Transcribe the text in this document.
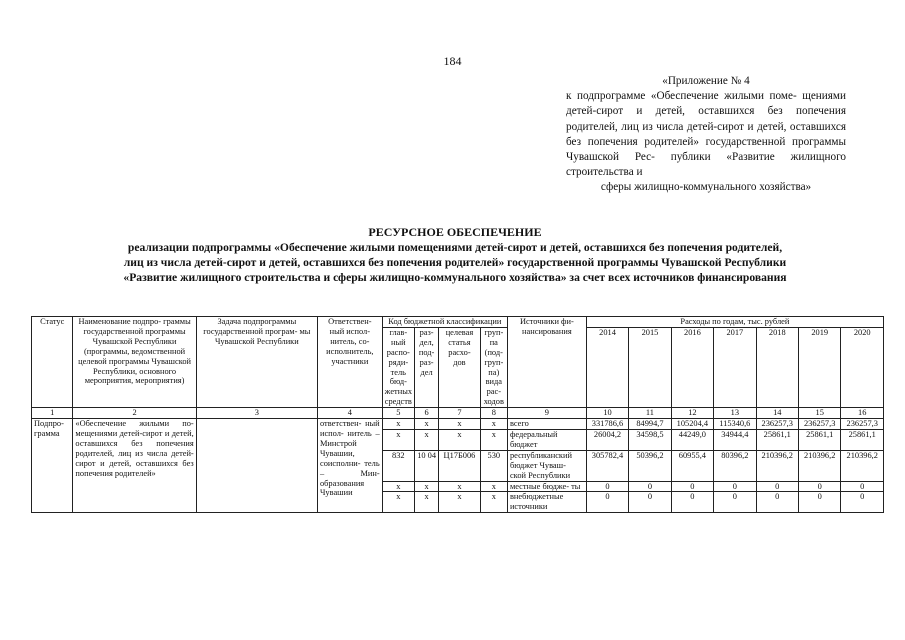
184
«Приложение № 4
к подпрограмме «Обеспечение жилыми поме- щениями детей-сирот и детей, оставшихся без попечения родителей, лиц из числа детей-сирот и детей, оставшихся без попечения родителей» государственной программы Чувашской Рес- публики «Развитие жилищного строительства и
сферы жилищно-коммунального хозяйства»
РЕСУРСНОЕ ОБЕСПЕЧЕНИЕ
реализации подпрограммы «Обеспечение жилыми помещениями детей-сирот и детей, оставшихся без попечения родителей,
лиц из числа детей-сирот и детей, оставшихся без попечения родителей» государственной программы Чувашской Республики
«Развитие жилищного строительства и сферы жилищно-коммунального хозяйства» за счет всех источников финансирования
Статус	Наименование подпро- граммы государственной программы Чувашской Республики (программы, ведомственной целевой программы Чувашской Республики, основного мероприятия, мероприятия)	Задача подпрограммы государственной програм- мы Чувашской Республики	Ответствен- ный испол- нитель, со- исполнитель, участники	Код бюджетной классификации				Источники фи- нансирования	Расходы по годам, тыс. рублей						
				глав- ный распо- ряди- тель бюд- жетных средств	раз- дел, под- раз- дел	целевая статья расхо- дов	груп- па (под- груп- па) вида рас- ходов		2014	2015	2016	2017	2018	2019	2020
1	2	3	4	5	6	7	8	9	10	11	12	13	14	15	16
Подпро- грамма	«Обеспечение жилыми по- мещениями детей-сирот и детей, оставшихся без попечения родителей, лиц из числа детей-сирот и детей, оставшихся без попечения родителей»		ответствен- ный испол- нитель – Минстрой Чувашии, соисполни- тель – Мин- образования Чувашии	x	x	x	x	всего	331786,6	84994,7	105204,4	115340,6	236257,3	236257,3	236257,3
				x	x	x	x	федеральный бюджет	26004,2	34598,5	44249,0	34944,4	25861,1	25861,1	25861,1
				832	10 04	Ц17Б006	530	республиканский бюджет Чуваш- ской Республики	305782,4	50396,2	60955,4	80396,2	210396,2	210396,2	210396,2
				x	x	x	x	местные бюдже- ты	0	0	0	0	0	0	0
				x	x	x	x	внебюджетные источники	0	0	0	0	0	0	0
